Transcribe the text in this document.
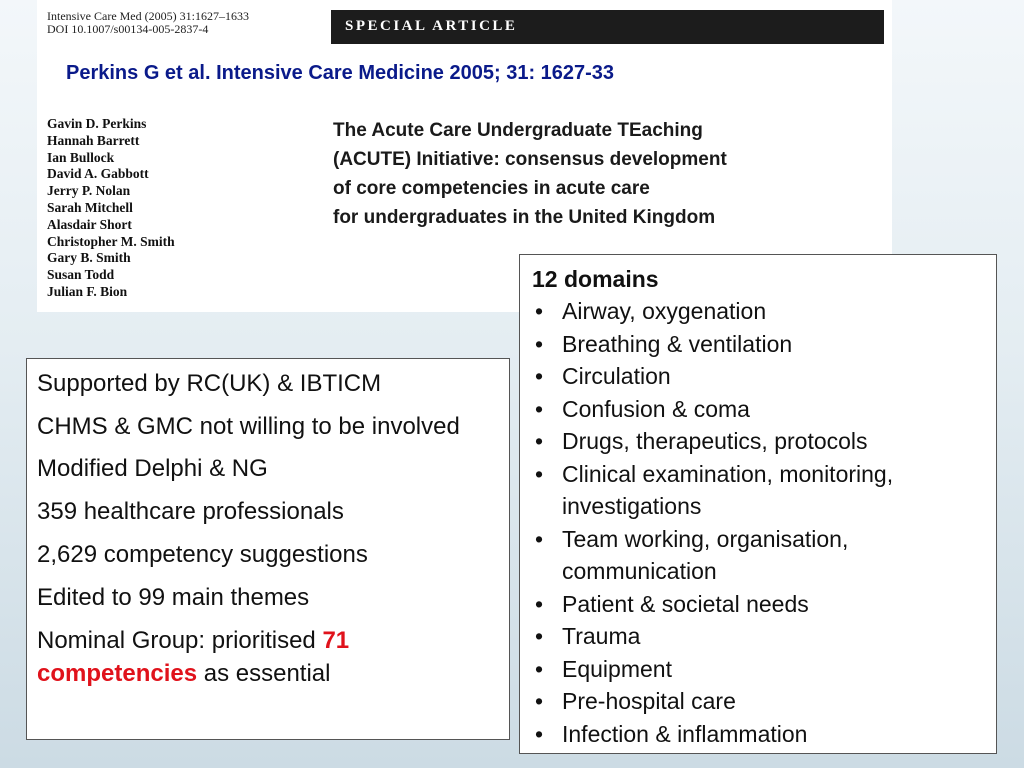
Intensive Care Med (2005) 31:1627–1633
DOI 10.1007/s00134-005-2837-4	SPECIAL ARTICLE
Perkins G et al. Intensive Care Medicine 2005; 31: 1627-33
Gavin D. Perkins
Hannah Barrett
Ian Bullock
David A. Gabbott
Jerry P. Nolan
Sarah Mitchell
Alasdair Short
Christopher M. Smith
Gary B. Smith
Susan Todd
Julian F. Bion
The Acute Care Undergraduate TEaching
(ACUTE) Initiative: consensus development
of core competencies in acute care
for undergraduates in the United Kingdom

Supported by RC(UK) & IBTICM

CHMS & GMC not willing to be involved

Modified Delphi & NG

359 healthcare professionals

2,629 competency suggestions

Edited to 99 main themes

Nominal Group: prioritised 71 competencies as essential

12 domains
• Airway, oxygenation
• Breathing & ventilation
• Circulation
• Confusion & coma
• Drugs, therapeutics, protocols
• Clinical examination, monitoring, investigations
• Team working, organisation, communication
• Patient & societal needs
• Trauma
• Equipment
• Pre-hospital care
• Infection & inflammation
